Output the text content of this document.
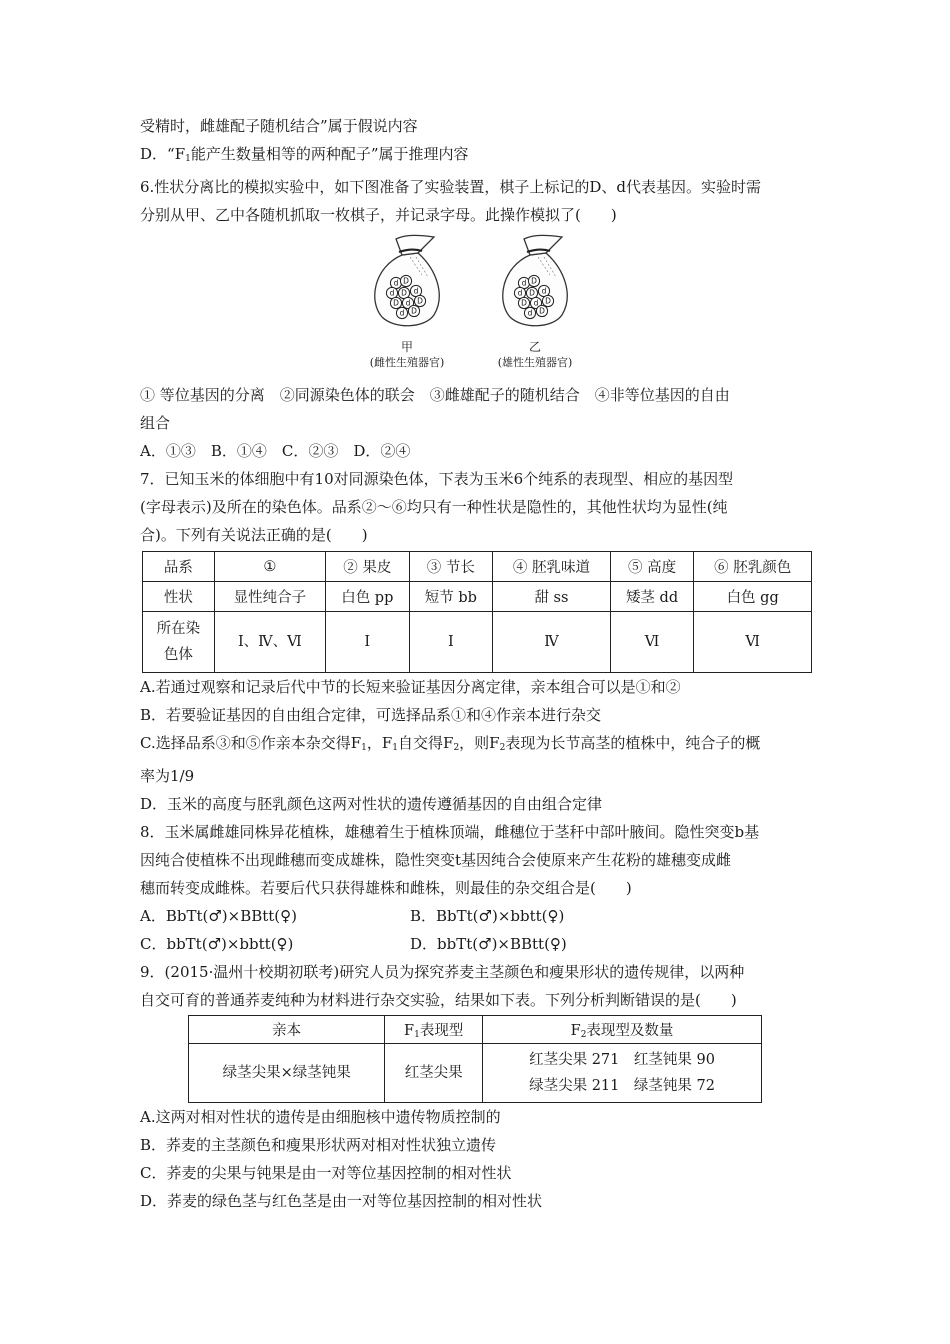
受精时，雌雄配子随机结合”属于假说内容
D．“$F_1$能产生数量相等的两种配子”属于推理内容
6.性状分离比的模拟实验中，如下图准备了实验装置，棋子上标记的D、d代表基因。实验时需
分别从甲、乙中各随机抓取一枚棋子，并记录字母。此操作模拟了(　　)
d D
d D d
D d D
d D
甲
(雌性生殖器官)
d D
d D d
D d D
d D
乙
(雄性生殖器官)
① 等位基因的分离　②同源染色体的联会　③雌雄配子的随机结合　④非等位基因的自由
组合
A．①③　B．①④　C．②③　D．②④
7．已知玉米的体细胞中有10对同源染色体，下表为玉米6个纯系的表现型、相应的基因型
(字母表示)及所在的染色体。品系②～⑥均只有一种性状是隐性的，其他性状均为显性(纯
合)。下列有关说法正确的是(　　)
品系	①	② 果皮	③ 节长	④ 胚乳味道	⑤ 高度	⑥ 胚乳颜色
性状	显性纯合子	白色 pp	短节 bb	甜 ss	矮茎 dd	白色 gg
所在染
色体	Ⅰ、Ⅳ、Ⅵ	Ⅰ	Ⅰ	Ⅳ	Ⅵ	Ⅵ
A.若通过观察和记录后代中节的长短来验证基因分离定律，亲本组合可以是①和②
B．若要验证基因的自由组合定律，可选择品系①和④作亲本进行杂交
C.选择品系③和⑤作亲本杂交得$F_1$，$F_1$自交得$F_2$，则$F_2$表现为长节高茎的植株中，纯合子的概
率为1/9
D．玉米的高度与胚乳颜色这两对性状的遗传遵循基因的自由组合定律
8．玉米属雌雄同株异花植株，雄穗着生于植株顶端，雌穗位于茎秆中部叶腋间。隐性突变b基
因纯合使植株不出现雌穗而变成雄株，隐性突变t基因纯合会使原来产生花粉的雄穗变成雌
穗而转变成雌株。若要后代只获得雄株和雌株，则最佳的杂交组合是(　　)
A．BbTt(♂)×BBtt(♀)	B．BbTt(♂)×bbtt(♀)
C．bbTt(♂)×bbtt(♀)	D．bbTt(♂)×BBtt(♀)
9．(2015·温州十校期初联考)研究人员为探究荞麦主茎颜色和瘦果形状的遗传规律，以两种
自交可育的普通荞麦纯种为材料进行杂交实验，结果如下表。下列分析判断错误的是(　　)
亲本	$F_1$表现型	$F_2$表现型及数量
绿茎尖果×绿茎钝果	红茎尖果	红茎尖果 271　红茎钝果 90
绿茎尖果 211　绿茎钝果 72
A.这两对相对性状的遗传是由细胞核中遗传物质控制的
B．荞麦的主茎颜色和瘦果形状两对相对性状独立遗传
C．荞麦的尖果与钝果是由一对等位基因控制的相对性状
D．荞麦的绿色茎与红色茎是由一对等位基因控制的相对性状
